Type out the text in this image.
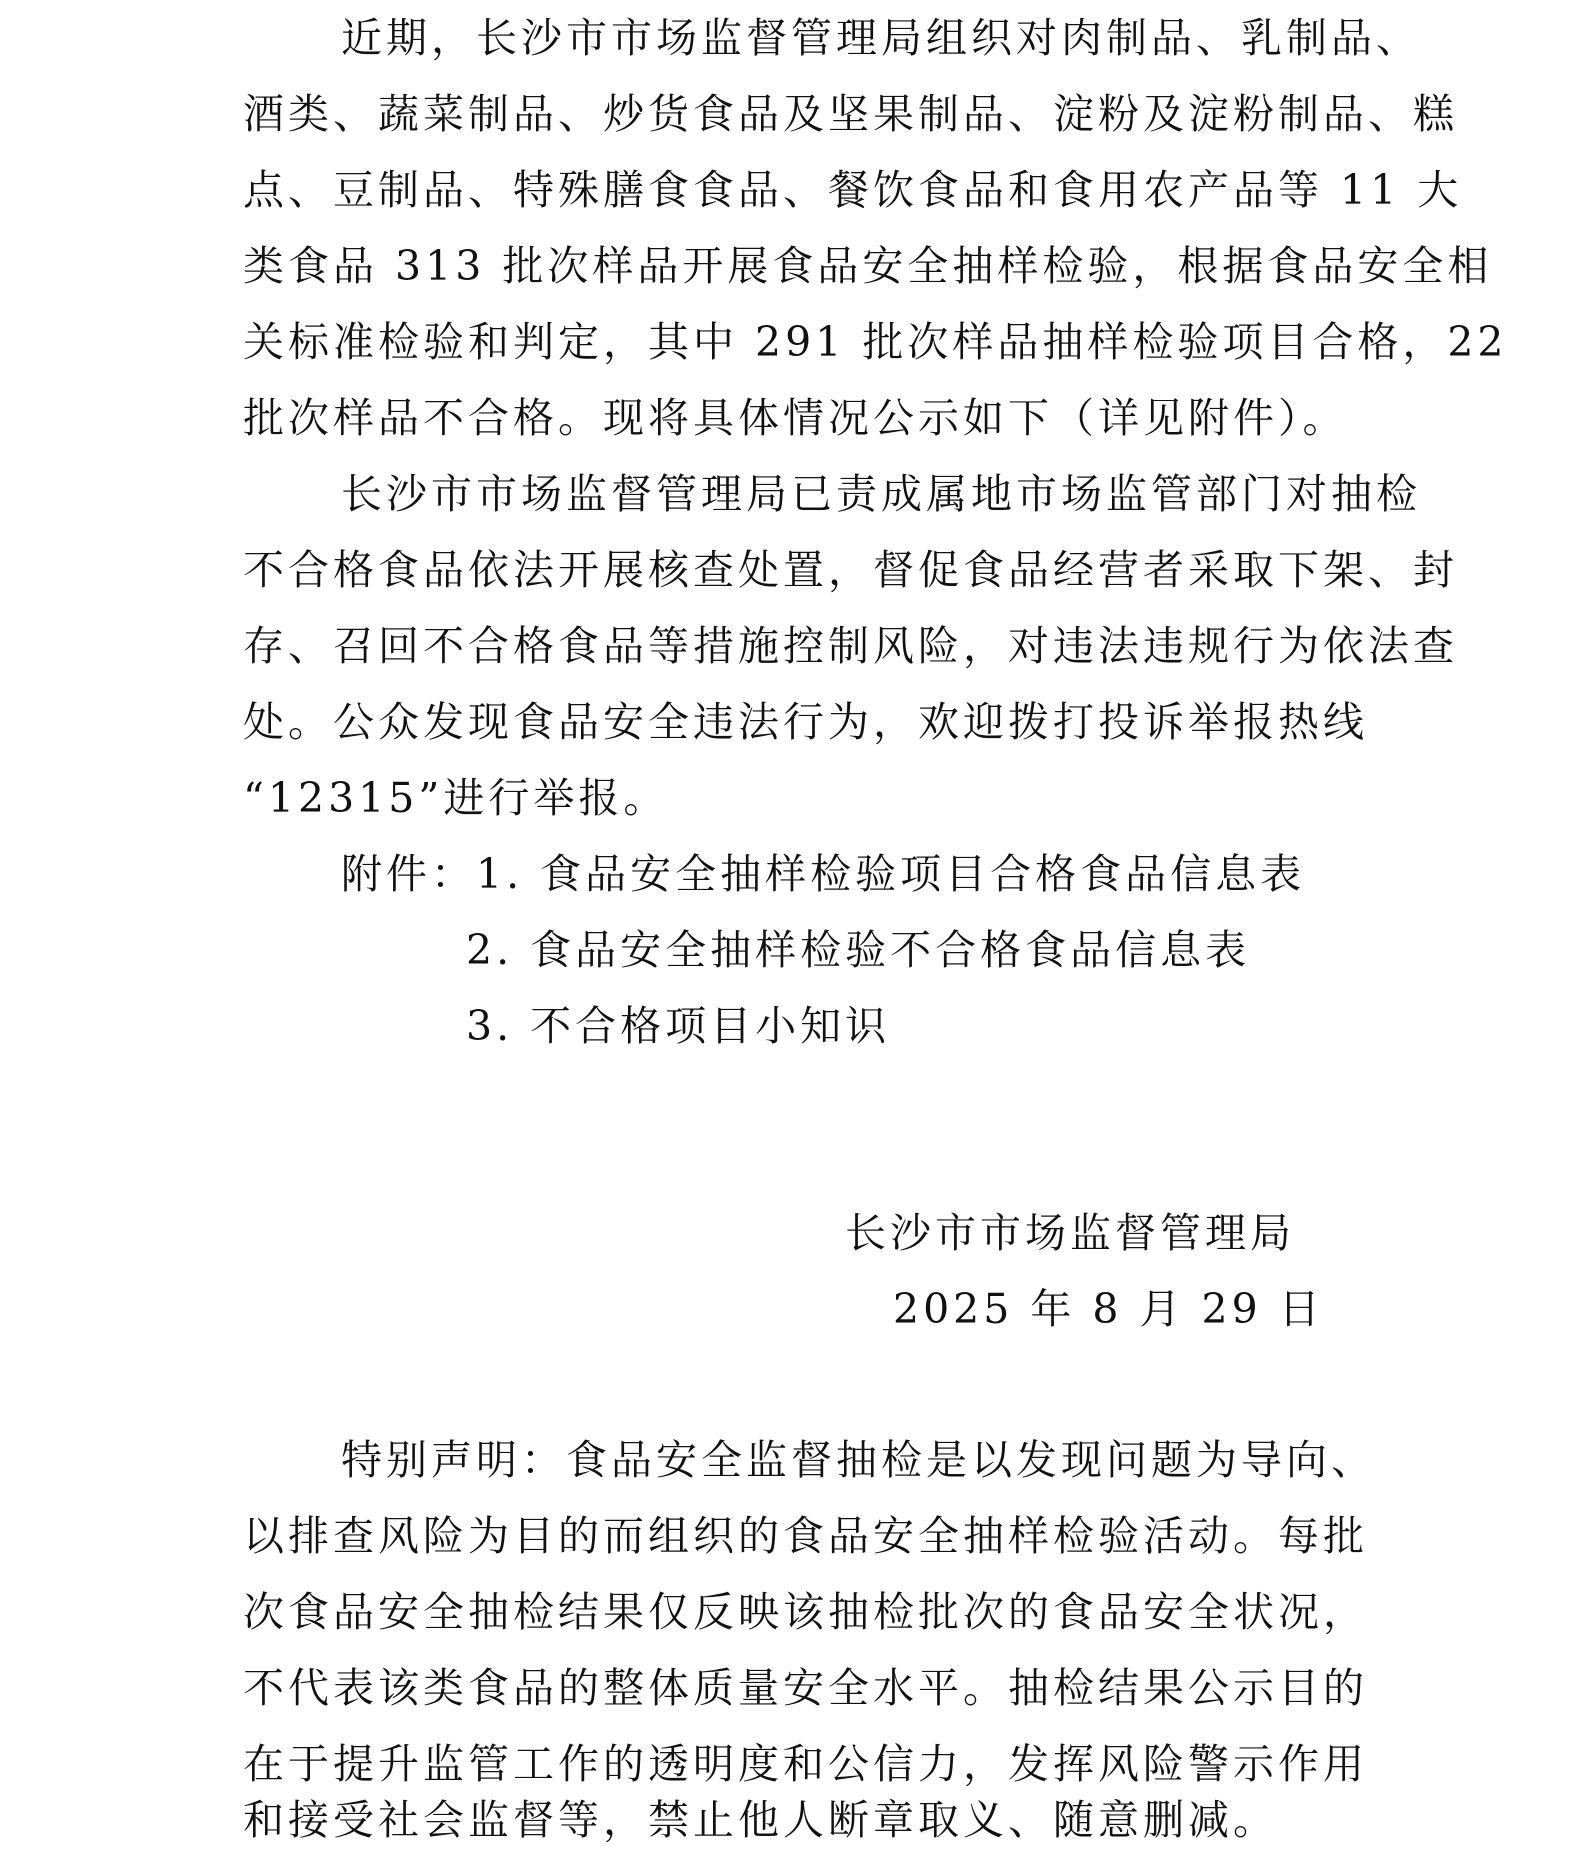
近期，长沙市市场监督管理局组织对肉制品、乳制品、
酒类、蔬菜制品、炒货食品及坚果制品、淀粉及淀粉制品、糕
点、豆制品、特殊膳食食品、餐饮食品和食用农产品等 11 大
类食品 313 批次样品开展食品安全抽样检验，根据食品安全相
关标准检验和判定，其中 291 批次样品抽样检验项目合格，22
批次样品不合格。现将具体情况公示如下（详见附件）。
长沙市市场监督管理局已责成属地市场监管部门对抽检
不合格食品依法开展核查处置，督促食品经营者采取下架、封
存、召回不合格食品等措施控制风险，对违法违规行为依法查
处。公众发现食品安全违法行为，欢迎拨打投诉举报热线
“12315”进行举报。
附件：1. 食品安全抽样检验项目合格食品信息表
2. 食品安全抽样检验不合格食品信息表
3. 不合格项目小知识
长沙市市场监督管理局
2025 年 8 月 29 日
特别声明：食品安全监督抽检是以发现问题为导向、
以排查风险为目的而组织的食品安全抽样检验活动。每批
次食品安全抽检结果仅反映该抽检批次的食品安全状况，
不代表该类食品的整体质量安全水平。抽检结果公示目的
在于提升监管工作的透明度和公信力，发挥风险警示作用
和接受社会监督等，禁止他人断章取义、随意删减。
